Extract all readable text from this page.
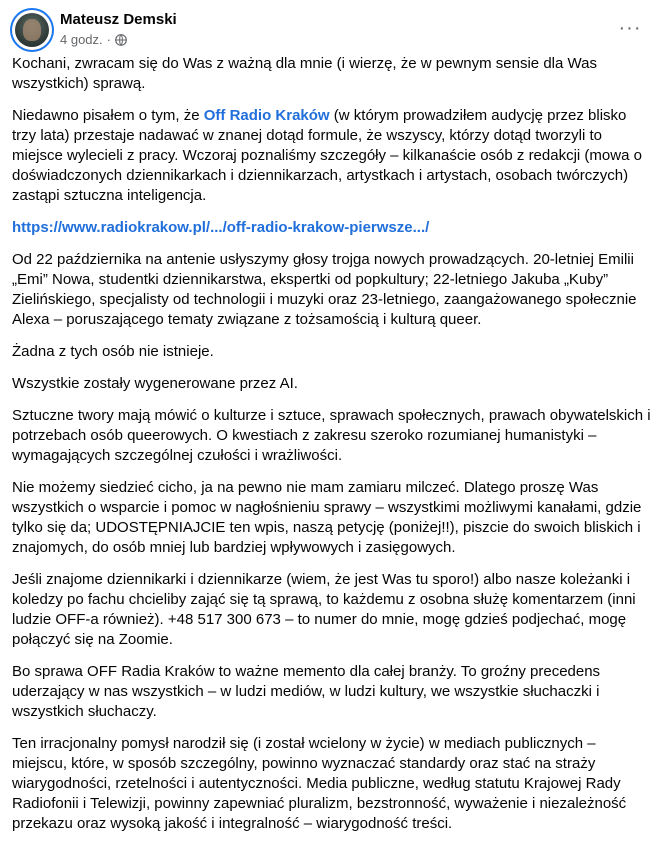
Mateusz Demski
4 godz. ·
···

Kochani, zwracam się do Was z ważną dla mnie (i wierzę, że w pewnym sensie dla Was wszystkich) sprawą.

Niedawno pisałem o tym, że Off Radio Kraków (w którym prowadziłem audycję przez blisko trzy lata) przestaje nadawać w znanej dotąd formule, że wszyscy, którzy dotąd tworzyli to miejsce wylecieli z pracy. Wczoraj poznaliśmy szczegóły – kilkanaście osób z redakcji (mowa o doświadczonych dziennikarkach i dziennikarzach, artystkach i artystach, osobach twórczych) zastąpi sztuczna inteligencja.

https://www.radiokrakow.pl/.../off-radio-krakow-pierwsze.../

Od 22 października na antenie usłyszymy głosy trojga nowych prowadzących. 20-letniej Emilii „Emi” Nowa, studentki dziennikarstwa, ekspertki od popkultury; 22-letniego Jakuba „Kuby” Zielińskiego, specjalisty od technologii i muzyki oraz 23-letniego, zaangażowanego społecznie Alexa – poruszającego tematy związane z tożsamością i kulturą queer.

Żadna z tych osób nie istnieje.

Wszystkie zostały wygenerowane przez AI.

Sztuczne twory mają mówić o kulturze i sztuce, sprawach społecznych, prawach obywatelskich i potrzebach osób queerowych. O kwestiach z zakresu szeroko rozumianej humanistyki – wymagających szczególnej czułości i wrażliwości.

Nie możemy siedzieć cicho, ja na pewno nie mam zamiaru milczeć. Dlatego proszę Was wszystkich o wsparcie i pomoc w nagłośnieniu sprawy – wszystkimi możliwymi kanałami, gdzie tylko się da; UDOSTĘPNIAJCIE ten wpis, naszą petycję (poniżej!!), piszcie do swoich bliskich i znajomych, do osób mniej lub bardziej wpływowych i zasięgowych.

Jeśli znajome dziennikarki i dziennikarze (wiem, że jest Was tu sporo!) albo nasze koleżanki i koledzy po fachu chcieliby zająć się tą sprawą, to każdemu z osobna służę komentarzem (inni ludzie OFF-a również). +48 517 300 673 – to numer do mnie, mogę gdzieś podjechać, mogę połączyć się na Zoomie.

Bo sprawa OFF Radia Kraków to ważne memento dla całej branży. To groźny precedens uderzający w nas wszystkich – w ludzi mediów, w ludzi kultury, we wszystkie słuchaczki i wszystkich słuchaczy.

Ten irracjonalny pomysł narodził się (i został wcielony w życie) w mediach publicznych – miejscu, które, w sposób szczególny, powinno wyznaczać standardy oraz stać na straży wiarygodności, rzetelności i autentyczności. Media publiczne, według statutu Krajowej Rady Radiofonii i Telewizji, powinny zapewniać pluralizm, bezstronność, wyważenie i niezależność przekazu oraz wysoką jakość i integralność – wiarygodność treści.
